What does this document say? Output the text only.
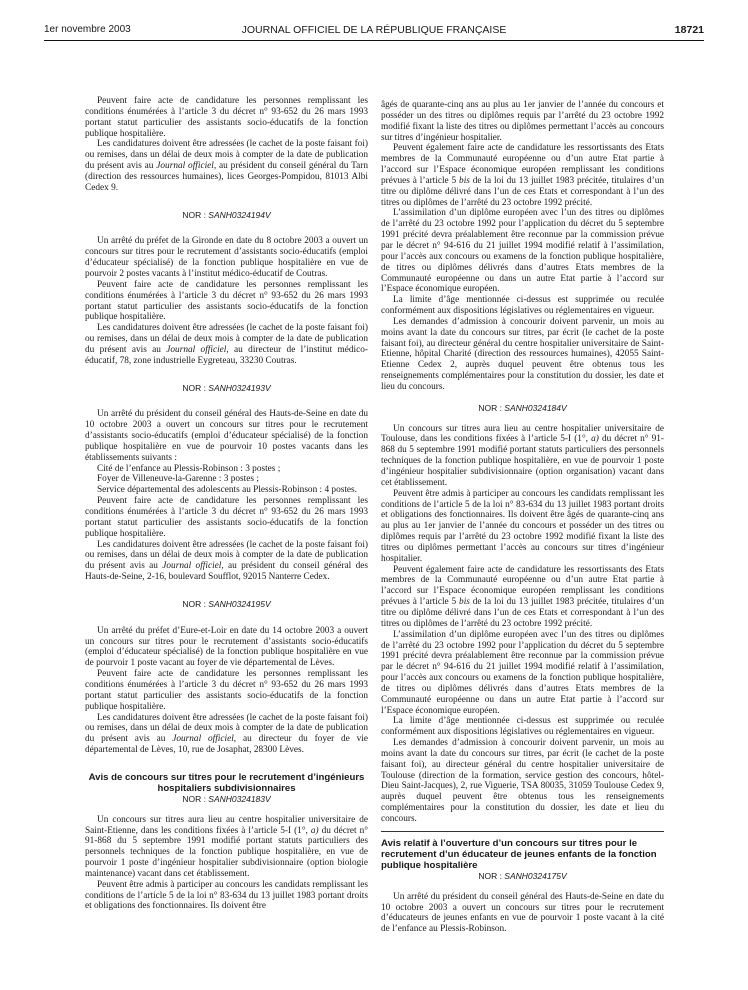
1er novembre 2003	JOURNAL OFFICIEL DE LA RÉPUBLIQUE FRANÇAISE	18721

Peuvent faire acte de candidature les personnes remplissant les conditions énumérées à l’article 3 du décret n° 93-652 du 26 mars 1993 portant statut particulier des assistants socio-éducatifs de la fonction publique hospitalière.

Les candidatures doivent être adressées (le cachet de la poste faisant foi) ou remises, dans un délai de deux mois à compter de la date de publication du présent avis au Journal officiel, au président du conseil général du Tarn (direction des ressources humaines), lices Georges-Pompidou, 81013 Albi Cedex 9.

NOR : SANH0324194V

Un arrêté du préfet de la Gironde en date du 8 octobre 2003 a ouvert un concours sur titres pour le recrutement d’assistants socio-éducatifs (emploi d’éducateur spécialisé) de la fonction publique hospitalière en vue de pourvoir 2 postes vacants à l’institut médico-éducatif de Coutras.

Peuvent faire acte de candidature les personnes remplissant les conditions énumérées à l’article 3 du décret n° 93-652 du 26 mars 1993 portant statut particulier des assistants socio-éducatifs de la fonction publique hospitalière.

Les candidatures doivent être adressées (le cachet de la poste faisant foi) ou remises, dans un délai de deux mois à compter de la date de publication du présent avis au Journal officiel, au directeur de l’institut médico-éducatif, 78, zone industrielle Eygreteau, 33230 Coutras.

NOR : SANH0324193V

Un arrêté du président du conseil général des Hauts-de-Seine en date du 10 octobre 2003 a ouvert un concours sur titres pour le recrutement d’assistants socio-éducatifs (emploi d’éducateur spécialisé) de la fonction publique hospitalière en vue de pourvoir 10 postes vacants dans les établissements suivants :

Cité de l’enfance au Plessis-Robinson : 3 postes ;

Foyer de Villeneuve-la-Garenne : 3 postes ;

Service départemental des adolescents au Plessis-Robinson : 4 postes.

Peuvent faire acte de candidature les personnes remplissant les conditions énumérées à l’article 3 du décret n° 93-652 du 26 mars 1993 portant statut particulier des assistants socio-éducatifs de la fonction publique hospitalière.

Les candidatures doivent être adressées (le cachet de la poste faisant foi) ou remises, dans un délai de deux mois à compter de la date de publication du présent avis au Journal officiel, au président du conseil général des Hauts-de-Seine, 2-16, boulevard Soufflot, 92015 Nanterre Cedex.

NOR : SANH0324195V

Un arrêté du préfet d’Eure-et-Loir en date du 14 octobre 2003 a ouvert un concours sur titres pour le recrutement d’assistants socio-éducatifs (emploi d’éducateur spécialisé) de la fonction publique hospitalière en vue de pourvoir 1 poste vacant au foyer de vie départemental de Lèves.

Peuvent faire acte de candidature les personnes remplissant les conditions énumérées à l’article 3 du décret n° 93-652 du 26 mars 1993 portant statut particulier des assistants socio-éducatifs de la fonction publique hospitalière.

Les candidatures doivent être adressées (le cachet de la poste faisant foi) ou remises, dans un délai de deux mois à compter de la date de publication du présent avis au Journal officiel, au directeur du foyer de vie départemental de Lèves, 10, rue de Josaphat, 28300 Lèves.

Avis de concours sur titres pour le recrutement d’ingénieurs hospitaliers subdivisionnaires

NOR : SANH0324183V

Un concours sur titres aura lieu au centre hospitalier universitaire de Saint-Etienne, dans les conditions fixées à l’article 5-I (1°, a) du décret n° 91-868 du 5 septembre 1991 modifié portant statuts particuliers des personnels techniques de la fonction publique hospitalière, en vue de pourvoir 1 poste d’ingénieur hospitalier subdivisionnaire (option biologie maintenance) vacant dans cet établissement.

Peuvent être admis à participer au concours les candidats remplissant les conditions de l’article 5 de la loi n° 83-634 du 13 juillet 1983 portant droits et obligations des fonctionnaires. Ils doivent être

âgés de quarante-cinq ans au plus au 1er janvier de l’année du concours et posséder un des titres ou diplômes requis par l’arrêté du 23 octobre 1992 modifié fixant la liste des titres ou diplômes permettant l’accès au concours sur titres d’ingénieur hospitalier.

Peuvent également faire acte de candidature les ressortissants des Etats membres de la Communauté européenne ou d’un autre Etat partie à l’accord sur l’Espace économique européen remplissant les conditions prévues à l’article 5 bis de la loi du 13 juillet 1983 précitée, titulaires d’un titre ou diplôme délivré dans l’un de ces Etats et correspondant à l’un des titres ou diplômes de l’arrêté du 23 octobre 1992 précité.

L’assimilation d’un diplôme européen avec l’un des titres ou diplômes de l’arrêté du 23 octobre 1992 pour l’application du décret du 5 septembre 1991 précité devra préalablement être reconnue par la commission prévue par le décret n° 94-616 du 21 juillet 1994 modifié relatif à l’assimilation, pour l’accès aux concours ou examens de la fonction publique hospitalière, de titres ou diplômes délivrés dans d’autres Etats membres de la Communauté européenne ou dans un autre Etat partie à l’accord sur l’Espace économique européen.

La limite d’âge mentionnée ci-dessus est supprimée ou reculée conformément aux dispositions législatives ou réglementaires en vigueur.

Les demandes d’admission à concourir doivent parvenir, un mois au moins avant la date du concours sur titres, par écrit (le cachet de la poste faisant foi), au directeur général du centre hospitalier universitaire de Saint-Etienne, hôpital Charité (direction des ressources humaines), 42055 Saint-Etienne Cedex 2, auprès duquel peuvent être obtenus tous les renseignements complémentaires pour la constitution du dossier, les date et lieu du concours.

NOR : SANH0324184V

Un concours sur titres aura lieu au centre hospitalier universitaire de Toulouse, dans les conditions fixées à l’article 5-I (1°, a) du décret n° 91-868 du 5 septembre 1991 modifié portant statuts particuliers des personnels techniques de la fonction publique hospitalière, en vue de pourvoir 1 poste d’ingénieur hospitalier subdivisionnaire (option organisation) vacant dans cet établissement.

Peuvent être admis à participer au concours les candidats remplissant les conditions de l’article 5 de la loi n° 83-634 du 13 juillet 1983 portant droits et obligations des fonctionnaires. Ils doivent être âgés de quarante-cinq ans au plus au 1er janvier de l’année du concours et posséder un des titres ou diplômes requis par l’arrêté du 23 octobre 1992 modifié fixant la liste des titres ou diplômes permettant l’accès au concours sur titres d’ingénieur hospitalier.

Peuvent également faire acte de candidature les ressortissants des Etats membres de la Communauté européenne ou d’un autre Etat partie à l’accord sur l’Espace économique européen remplissant les conditions prévues à l’article 5 bis de la loi du 13 juillet 1983 précitée, titulaires d’un titre ou diplôme délivré dans l’un de ces Etats et correspondant à l’un des titres ou diplômes de l’arrêté du 23 octobre 1992 précité.

L’assimilation d’un diplôme européen avec l’un des titres ou diplômes de l’arrêté du 23 octobre 1992 pour l’application du décret du 5 septembre 1991 précité devra préalablement être reconnue par la commission prévue par le décret n° 94-616 du 21 juillet 1994 modifié relatif à l’assimilation, pour l’accès aux concours ou examens de la fonction publique hospitalière, de titres ou diplômes délivrés dans d’autres Etats membres de la Communauté européenne ou dans un autre Etat partie à l’accord sur l’Espace économique européen.

La limite d’âge mentionnée ci-dessus est supprimée ou reculée conformément aux dispositions législatives ou réglementaires en vigueur.

Les demandes d’admission à concourir doivent parvenir, un mois au moins avant la date du concours sur titres, par écrit (le cachet de la poste faisant foi), au directeur général du centre hospitalier universitaire de Toulouse (direction de la formation, service gestion des concours, hôtel-Dieu Saint-Jacques), 2, rue Viguerie, TSA 80035, 31059 Toulouse Cedex 9, auprès duquel peuvent être obtenus tous les renseignements complémentaires pour la constitution du dossier, les date et lieu du concours.

Avis relatif à l’ouverture d’un concours sur titres pour le recrutement d’un éducateur de jeunes enfants de la fonction publique hospitalière

NOR : SANH0324175V

Un arrêté du président du conseil général des Hauts-de-Seine en date du 10 octobre 2003 a ouvert un concours sur titres pour le recrutement d’éducateurs de jeunes enfants en vue de pourvoir 1 poste vacant à la cité de l’enfance au Plessis-Robinson.
